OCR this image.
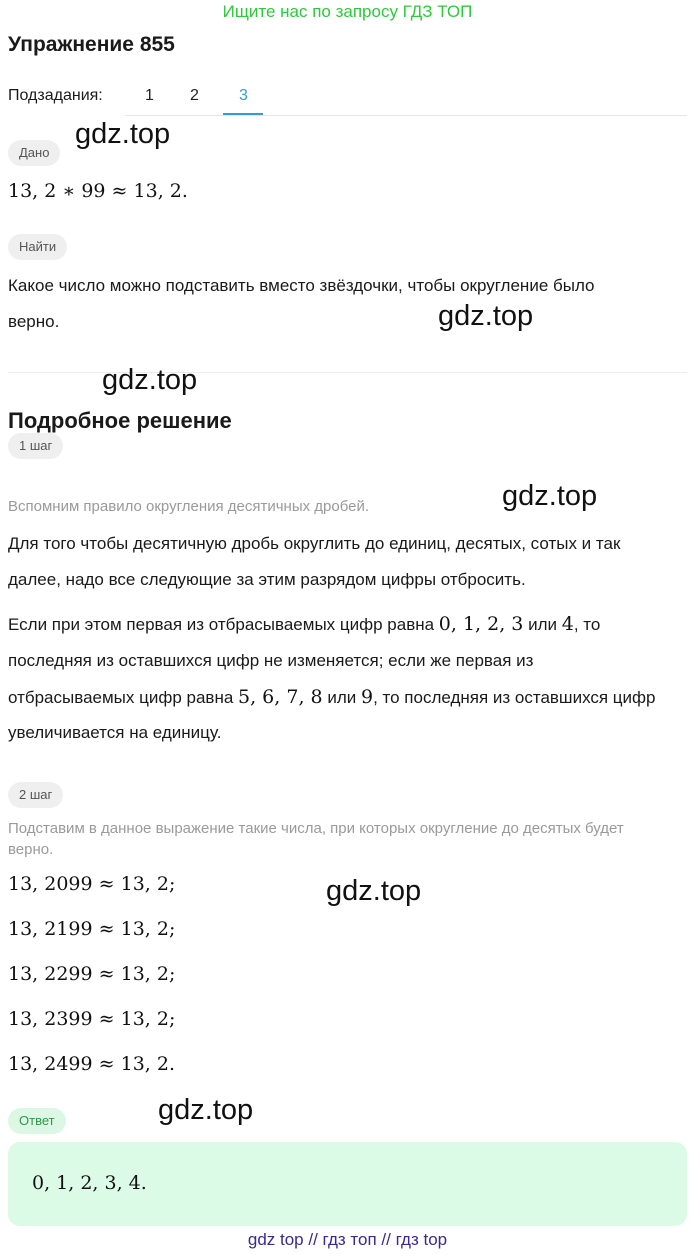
Ищите нас по запросу ГДЗ ТОП
Упражнение 855
Подзадания:	1 2	3
Дано
13, 2 ∗ 99 ≈ 13, 2.
Найти
Какое число можно подставить вместо звёздочки, чтобы округление было
верно.
Подробное решение
1 шаг
Вспомним правило округления десятичных дробей.
Для того чтобы десятичную дробь округлить до единиц, десятых, сотых и так
далее, надо все следующие за этим разрядом цифры отбросить.
Если при этом первая из отбрасываемых цифр равна 0, 1, 2, 3 или 4, то
последняя из оставшихся цифр не изменяется; если же первая из
отбрасываемых цифр равна 5, 6, 7, 8 или 9, то последняя из оставшихся цифр
увеличивается на единицу.
2 шаг
Подставим в данное выражение такие числа, при которых округление до десятых будет
верно.
13, 2099 ≈ 13, 2;
13, 2199 ≈ 13, 2;
13, 2299 ≈ 13, 2;
13, 2399 ≈ 13, 2;
13, 2499 ≈ 13, 2.
Ответ
0, 1, 2, 3, 4.
gdz.top
gdz.top
gdz.top
gdz.top
gdz.top
gdz.top
gdz top // гдз топ // гдз top
